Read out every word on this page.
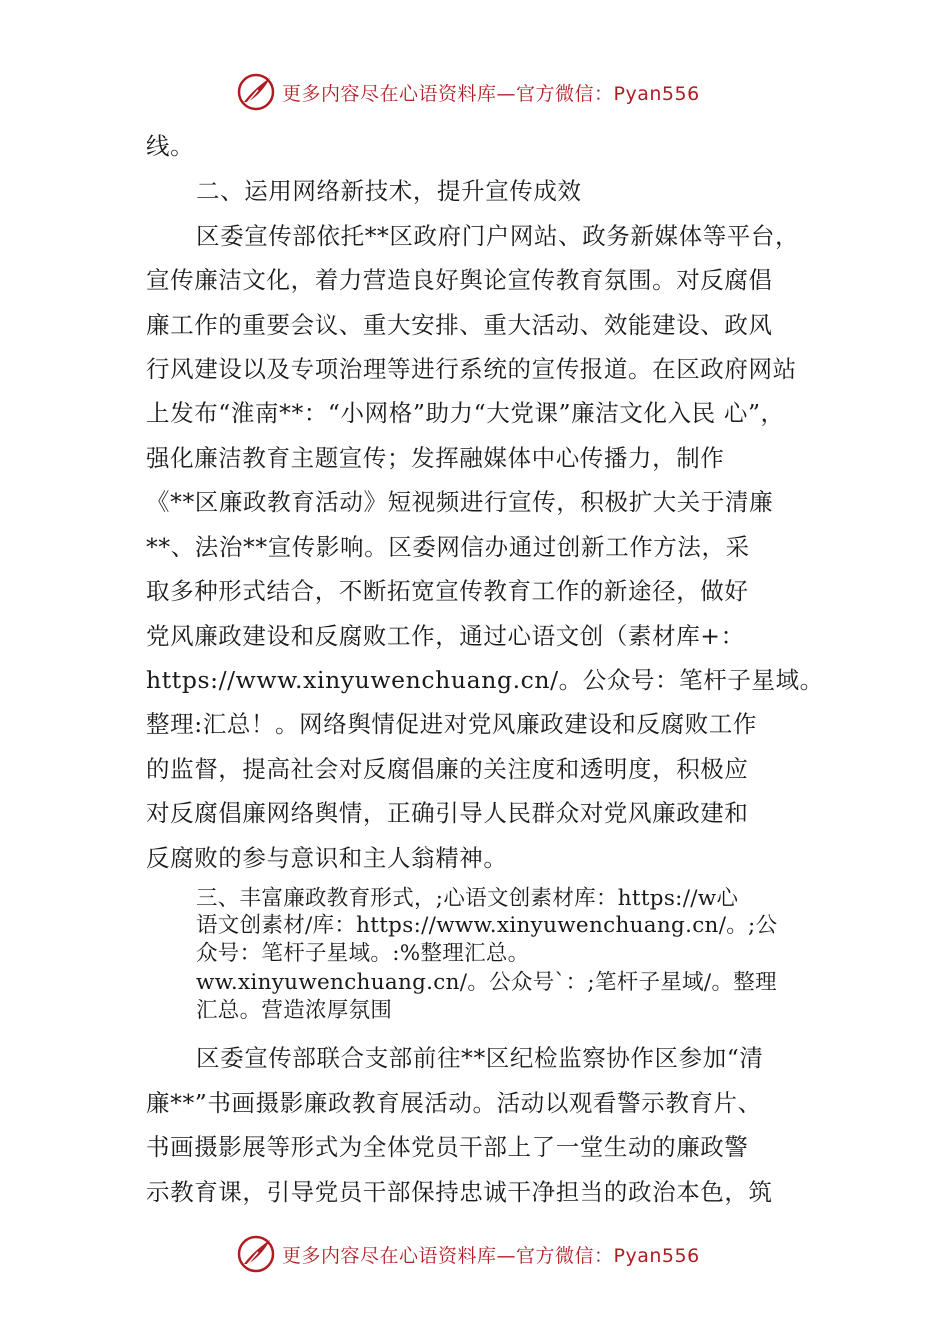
更多内容尽在心语资料库—官方微信：Pyan556
线。
二、运用网络新技术，提升宣传成效
区委宣传部依托**区政府门户网站、政务新媒体等平台，
宣传廉洁文化，着力营造良好舆论宣传教育氛围。对反腐倡
廉工作的重要会议、重大安排、重大活动、效能建设、政风
行风建设以及专项治理等进行系统的宣传报道。在区政府网站
上发布“淮南**：“小网格”助力“大党课”廉洁文化入民 心”，
强化廉洁教育主题宣传；发挥融媒体中心传播力，制作
《**区廉政教育活动》短视频进行宣传，积极扩大关于清廉
**、法治**宣传影响。区委网信办通过创新工作方法，采
取多种形式结合，不断拓宽宣传教育工作的新途径，做好
党风廉政建设和反腐败工作，通过心语文创（素材库+：
https://www.xinyuwenchuang.cn/。公众号：笔杆子星域。
整理:汇总！。网络舆情促进对党风廉政建设和反腐败工作
的监督，提高社会对反腐倡廉的关注度和透明度，积极应
对反腐倡廉网络舆情，正确引导人民群众对党风廉政建和
反腐败的参与意识和主人翁精神。
三、丰富廉政教育形式，;心语文创素材库：https://w心
语文创素材/库：https://www.xinyuwenchuang.cn/。;公
众号：笔杆子星域。:%整理汇总。
ww.xinyuwenchuang.cn/。公众号`：;笔杆子星域/。整理
汇总。营造浓厚氛围
区委宣传部联合支部前往**区纪检监察协作区参加“清
廉**”书画摄影廉政教育展活动。活动以观看警示教育片、
书画摄影展等形式为全体党员干部上了一堂生动的廉政警
示教育课，引导党员干部保持忠诚干净担当的政治本色，筑
更多内容尽在心语资料库—官方微信：Pyan556
